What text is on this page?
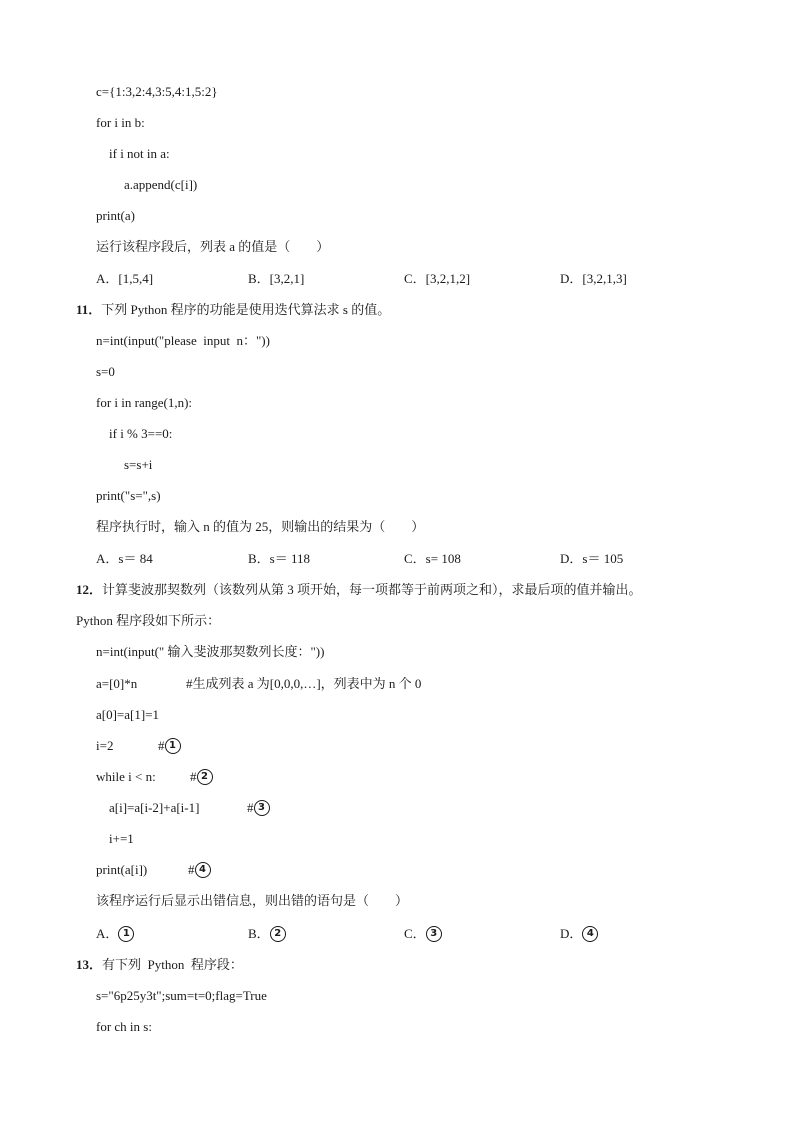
c={1:3,2:4,3:5,4:1,5:2}
for i in b:
if i not in a:
a.append(c[i])
print(a)
运行该程序段后，列表 a 的值是（　　）
A．[1,5,4]	B．[3,2,1]	C．[3,2,1,2]	D．[3,2,1,3]
11．下列 Python 程序的功能是使用迭代算法求 s 的值。
n=int(input("please  input  n："))
s=0
for i in range(1,n):
if i % 3==0:
s=s+i
print("s=",s)
程序执行时，输入 n 的值为 25，则输出的结果为（　　）
A．s＝ 84	B．s＝ 118	C．s= 108	D．s＝ 105
12．计算斐波那契数列（该数列从第 3 项开始，每一项都等于前两项之和），求最后项的值并输出。
Python 程序段如下所示：
n=int(input(" 输入斐波那契数列长度："))
a=[0]*n	#生成列表 a 为[0,0,0,…]，列表中为 n 个 0
a[0]=a[1]=1
i=2	# 1
while i < n:	# 2
a[i]=a[i-2]+a[i-1]	# 3
i+=1
print(a[i])	# 4
该程序运行后显示出错信息，则出错的语句是（　　）
A． 1	B． 2	C． 3	D． 4
13．有下列  Python  程序段：
s="6p25y3t";sum=t=0;flag=True
for ch in s:
